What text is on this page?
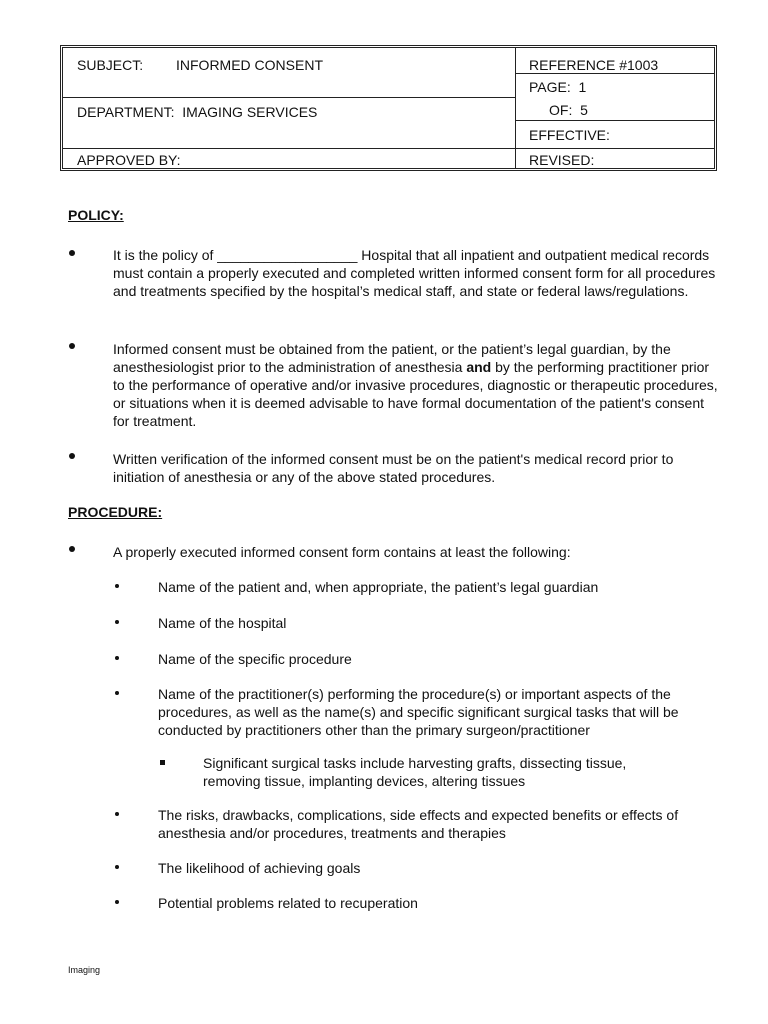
SUBJECT: INFORMED CONSENT
DEPARTMENT:  IMAGING SERVICES
APPROVED BY:
REFERENCE #1003
PAGE:  1
OF:  5
EFFECTIVE:
REVISED:
POLICY:
It is the policy of __________________ Hospital that all inpatient and outpatient medical records must contain a properly executed and completed written informed consent form for all procedures and treatments specified by the hospital’s medical staff, and state or federal laws/regulations.
Informed consent must be obtained from the patient, or the patient’s legal guardian, by the anesthesiologist prior to the administration of anesthesia and by the performing practitioner prior to the performance of operative and/or invasive procedures, diagnostic or therapeutic procedures, or situations when it is deemed advisable to have formal documentation of the patient's consent for treatment.
Written verification of the informed consent must be on the patient's medical record prior to initiation of anesthesia or any of the above stated procedures.
PROCEDURE:
A properly executed informed consent form contains at least the following:
Name of the patient and, when appropriate, the patient’s legal guardian
Name of the hospital
Name of the specific procedure
Name of the practitioner(s) performing the procedure(s) or important aspects of the procedures, as well as the name(s) and specific significant surgical tasks that will be conducted by practitioners other than the primary surgeon/practitioner
Significant surgical tasks include harvesting grafts, dissecting tissue, removing tissue, implanting devices, altering tissues
The risks, drawbacks, complications, side effects and expected benefits or effects of anesthesia and/or procedures, treatments and therapies
The likelihood of achieving goals
Potential problems related to recuperation
Imaging
